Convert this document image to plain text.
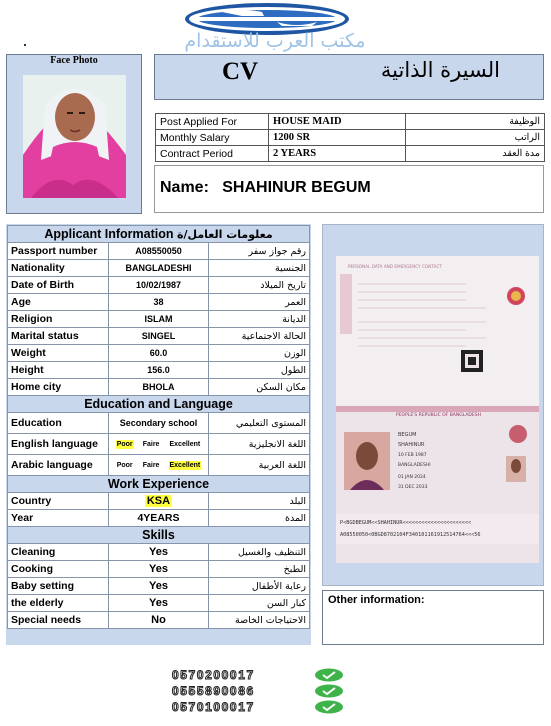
مكتب العرب للاستقدام
Face Photo	CV	السيرة الذاتية
Post Applied For	HOUSE MAID	الوظيفة
Monthly Salary	1200 SR	الراتب
Contract Period	2 YEARS	مدة العقد
Name: SHAHINUR BEGUM
Applicant Information معلومات العامل/ة		
Passport number	A08550050	رقم جواز سفر
Nationality	BANGLADESHI	الجنسية
Date of Birth	10/02/1987	تاريخ الميلاد
Age	38	العمر
Religion	ISLAM	الديانة
Marital status	SINGEL	الحالة الاجتماعية
Weight	60.0	الوزن
Height	156.0	الطول
Home city	BHOLA	مكان السكن
Education and Language		
Education	Secondary school	المستوى التعليمي
English language	Poor Faire Excellent	اللغة الانجليزية
Arabic language	Poor Faire Excellent	اللغة العربية
Work Experience		
Country	KSA	البلد
Year	4YEARS	المدة
Skills		
Cleaning	Yes	التنظيف والغسيل
Cooking	Yes	الطبخ
Baby setting	Yes	رعاية الأطفال
the elderly	Yes	كبار السن
Special needs	No	الاحتياجات الخاصة
PERSONAL DATA AND EMERGENCY CONTACT
PEOPLE'S REPUBLIC OF BANGLADESH
BEGUM
SHAHINUR
10 FEB 1987
BANGLADESHI
01 JAN 2024
31 DEC 2033
P<BGDBEGUM<<SHAHINUR<<<<<<<<<<<<<<<<<<<<<<
A08550050<0BGD8702104F340101161912514764<<<56
Other information:
0570200017
0555890086
0570100017
